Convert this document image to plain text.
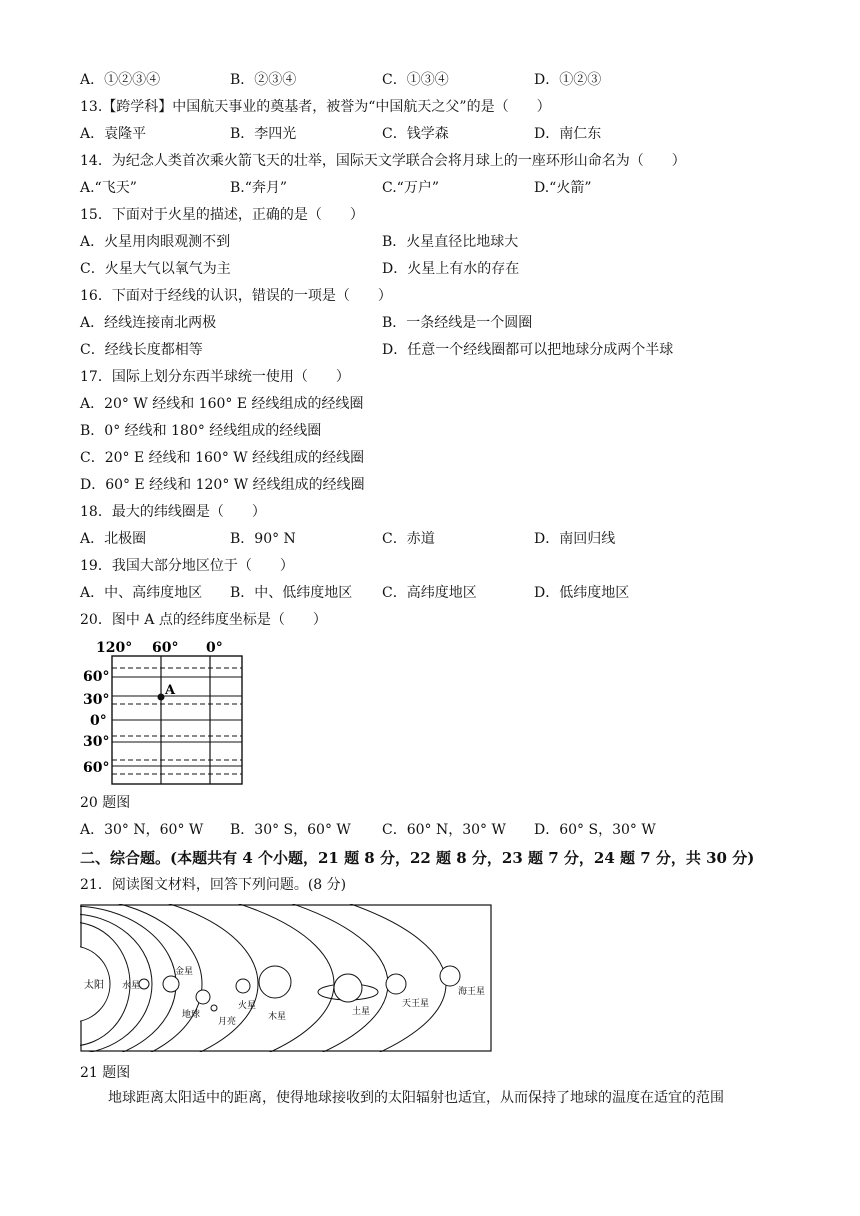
A．①②③④	B．②③④	C．①③④	D．①②③
13.【跨学科】中国航天事业的奠基者，被誉为“中国航天之父”的是（　　）
A．袁隆平	B．李四光	C．钱学森	D．南仁东
14．为纪念人类首次乘火箭飞天的壮举，国际天文学联合会将月球上的一座环形山命名为（　　）
A.“飞天”	B.“奔月”	C.“万户”	D.“火箭”
15．下面对于火星的描述，正确的是（　　）
A．火星用肉眼观测不到	B．火星直径比地球大
C．火星大气以氧气为主	D．火星上有水的存在
16．下面对于经线的认识，错误的一项是（　　）
A．经线连接南北两极	B．一条经线是一个圆圈
C．经线长度都相等	D．任意一个经线圈都可以把地球分成两个半球
17．国际上划分东西半球统一使用（　　）
A．20° W 经线和 160° E 经线组成的经线圈
B．0° 经线和 180° 经线组成的经线圈
C．20° E 经线和 160° W 经线组成的经线圈
D．60° E 经线和 120° W 经线组成的经线圈
18．最大的纬线圈是（　　）
A．北极圈	B．90° N	C．赤道	D．南回归线
19．我国大部分地区位于（　　）
A．中、高纬度地区 B．中、低纬度地区 C．高纬度地区	D．低纬度地区
20．图中 A 点的经纬度坐标是（　　）
120° 60° 0°
60°
30°
0°
30°
60°
A
20 题图
A．30° N，60° W B．30° S，60° W C．60° N，30° W D．60° S，30° W
二、综合题。(本题共有 4 个小题，21 题 8 分，22 题 8 分，23 题 7 分，24 题 7 分，共 30 分)
21．阅读图文材料，回答下列问题。(8 分)
太阳 水星
金星
地球
月亮
火星
木星	土星
天王星
海王星
21 题图
地球距离太阳适中的距离，使得地球接收到的太阳辐射也适宜，从而保持了地球的温度在适宜的范围
